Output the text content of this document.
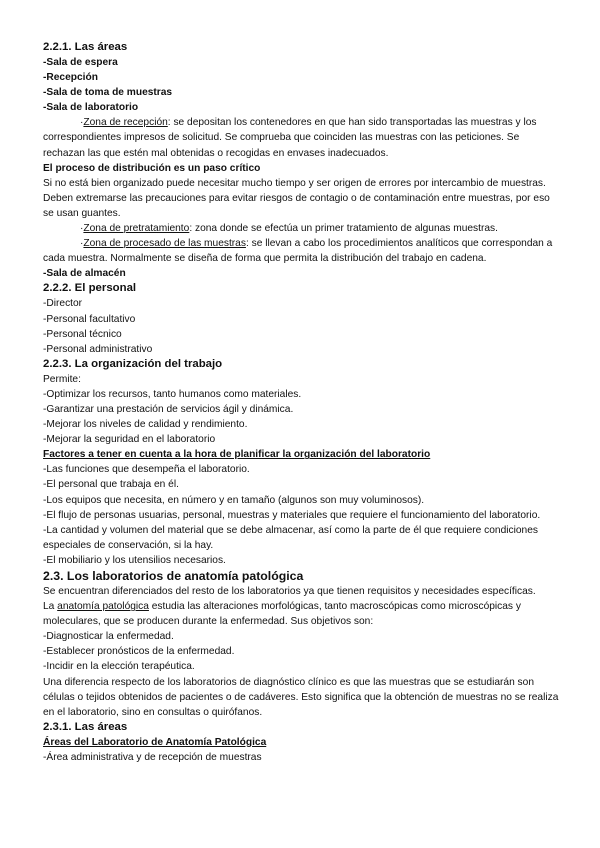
2.2.1. Las áreas

-Sala de espera

-Recepción

-Sala de toma de muestras

-Sala de laboratorio

·Zona de recepción: se depositan los contenedores en que han sido transportadas las muestras y los correspondientes impresos de solicitud. Se comprueba que coinciden las muestras con las peticiones. Se rechazan las que estén mal obtenidas o recogidas en envases inadecuados.

El proceso de distribución es un paso crítico

Si no está bien organizado puede necesitar mucho tiempo y ser origen de errores por intercambio de muestras. Deben extremarse las precauciones para evitar riesgos de contagio o de contaminación entre muestras, por eso se usan guantes.

·Zona de pretratamiento: zona donde se efectúa un primer tratamiento de algunas muestras.

·Zona de procesado de las muestras: se llevan a cabo los procedimientos analíticos que correspondan a cada muestra. Normalmente se diseña de forma que permita la distribución del trabajo en cadena.

-Sala de almacén

2.2.2. El personal

-Director

-Personal facultativo

-Personal técnico

-Personal administrativo

2.2.3. La organización del trabajo

Permite:

-Optimizar los recursos, tanto humanos como materiales.

-Garantizar una prestación de servicios ágil y dinámica.

-Mejorar los niveles de calidad y rendimiento.

-Mejorar la seguridad en el laboratorio

Factores a tener en cuenta a la hora de planificar la organización del laboratorio

-Las funciones que desempeña el laboratorio.

-El personal que trabaja en él.

-Los equipos que necesita, en número y en tamaño (algunos son muy voluminosos).

-El flujo de personas usuarias, personal, muestras y materiales que requiere el funcionamiento del laboratorio.

-La cantidad y volumen del material que se debe almacenar, así como la parte de él que requiere condiciones especiales de conservación, si la hay.

-El mobiliario y los utensilios necesarios.

2.3. Los laboratorios de anatomía patológica

Se encuentran diferenciados del resto de los laboratorios ya que tienen requisitos y necesidades específicas.

La anatomía patológica estudia las alteraciones morfológicas, tanto macroscópicas como microscópicas y moleculares, que se producen durante la enfermedad. Sus objetivos son:

-Diagnosticar la enfermedad.

-Establecer pronósticos de la enfermedad.

-Incidir en la elección terapéutica.

Una diferencia respecto de los laboratorios de diagnóstico clínico es que las muestras que se estudiarán son células o tejidos obtenidos de pacientes o de cadáveres. Esto significa que la obtención de muestras no se realiza en el laboratorio, sino en consultas o quirófanos.

2.3.1. Las áreas

Áreas del Laboratorio de Anatomía Patológica

-Área administrativa y de recepción de muestras
